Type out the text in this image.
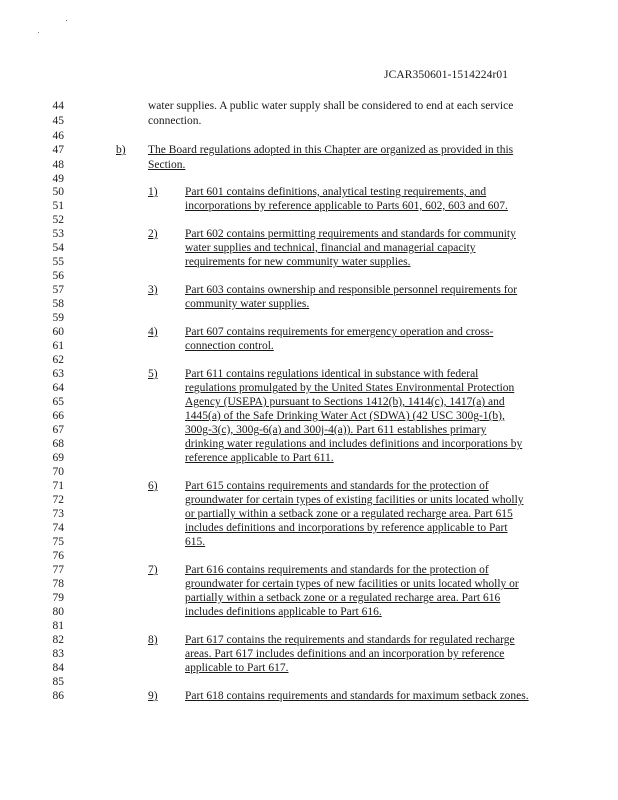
JCAR350601-1514224r01
44	water supplies. A public water supply shall be considered to end at each service
45	connection.
46
47	b) The Board regulations adopted in this Chapter are organized as provided in this
48	Section.
49
50	1) Part 601 contains definitions, analytical testing requirements, and
51	incorporations by reference applicable to Parts 601, 602, 603 and 607.
52
53	2) Part 602 contains permitting requirements and standards for community
54	water supplies and technical, financial and managerial capacity
55	requirements for new community water supplies.
56
57	3) Part 603 contains ownership and responsible personnel requirements for
58	community water supplies.
59
60	4) Part 607 contains requirements for emergency operation and cross-
61	connection control.
62
63	5) Part 611 contains regulations identical in substance with federal
64	regulations promulgated by the United States Environmental Protection
65	Agency (USEPA) pursuant to Sections 1412(b), 1414(c), 1417(a) and
66	1445(a) of the Safe Drinking Water Act (SDWA) (42 USC 300g-1(b),
67	300g-3(c), 300g-6(a) and 300j-4(a)). Part 611 establishes primary
68	drinking water regulations and includes definitions and incorporations by
69	reference applicable to Part 611.
70
71	6) Part 615 contains requirements and standards for the protection of
72	groundwater for certain types of existing facilities or units located wholly
73	or partially within a setback zone or a regulated recharge area. Part 615
74	includes definitions and incorporations by reference applicable to Part
75	615.
76
77	7) Part 616 contains requirements and standards for the protection of
78	groundwater for certain types of new facilities or units located wholly or
79	partially within a setback zone or a regulated recharge area. Part 616
80	includes definitions applicable to Part 616.
81
82	8) Part 617 contains the requirements and standards for regulated recharge
83	areas. Part 617 includes definitions and an incorporation by reference
84	applicable to Part 617.
85
86	9) Part 618 contains requirements and standards for maximum setback zones.
